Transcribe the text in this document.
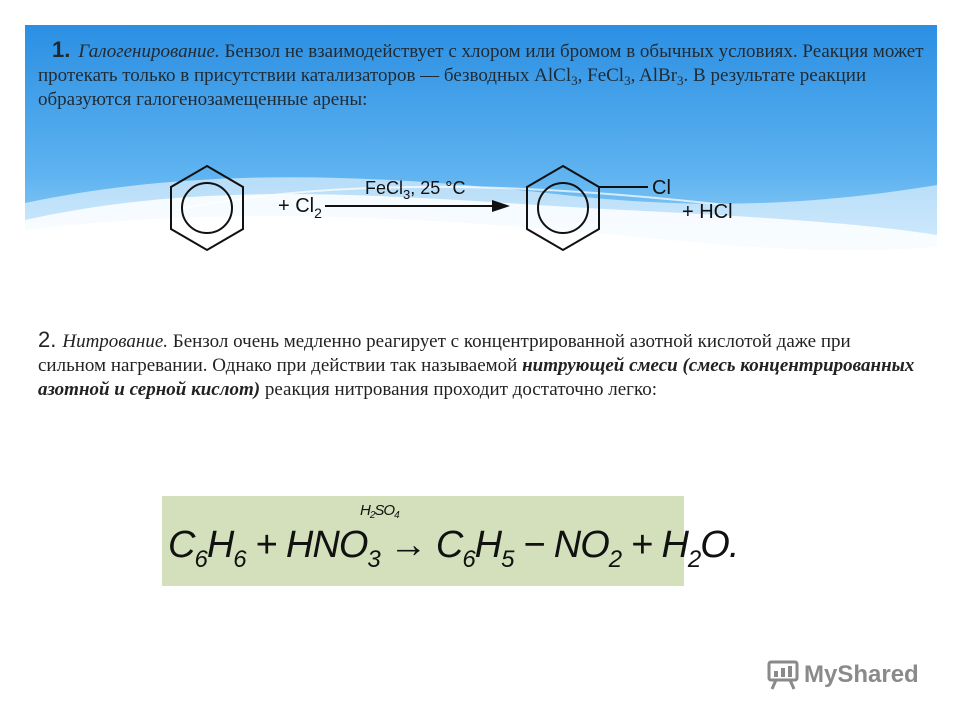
1. Галогенирование. Бензол не взаимодействует с хлором или бромом в обычных условиях. Реакция может протекать только в присутствии катализаторов — безводных AlCl$_3$, FeCl$_3$, AlBr$_3$. В результате реакции образуются галогенозамещенные арены:
+ $Cl_2$
FeCl$_3$, 25 °C	Cl
+ HCl
2. Нитрование. Бензол очень медленно реагирует с концентрированной азотной кислотой даже при сильном нагревании. Однако при действии так называемой нитрующей смеси (смесь концентрированных азотной и серной кислот) реакция нитрования проходит достаточно легко:
$H_2SO_4$
$C_6H_6 + HNO_3 \to C_6H_5 - NO_2 + H_2O$.
MyShared
